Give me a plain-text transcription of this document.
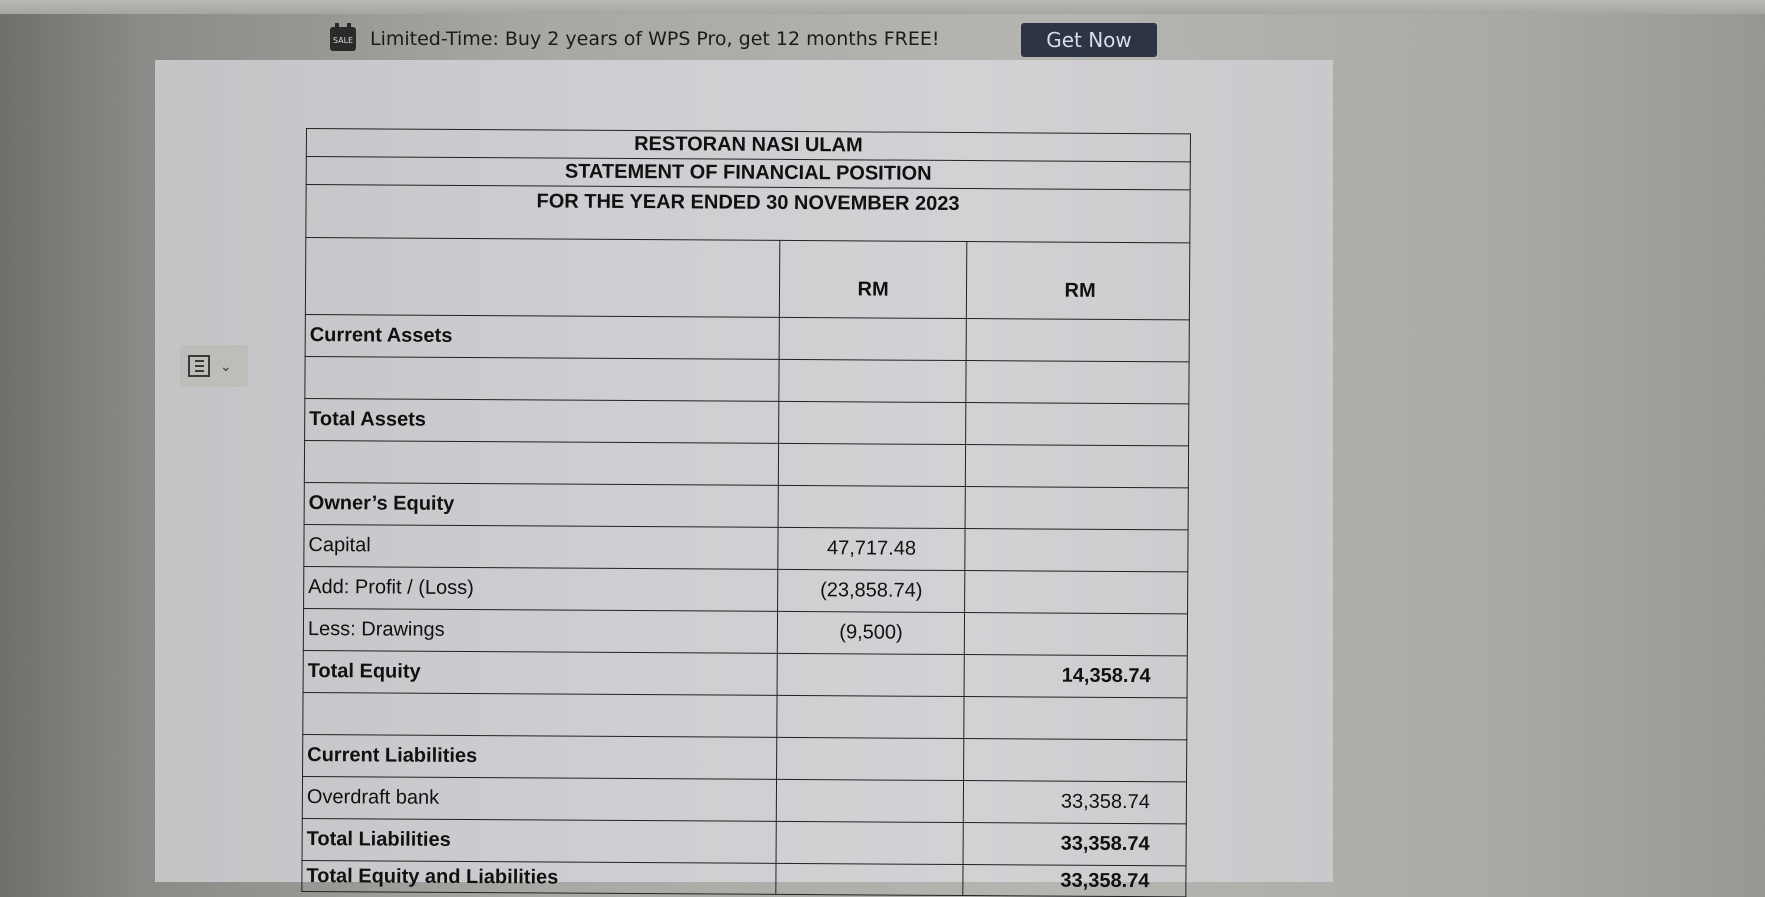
SALE Limited-Time: Buy 2 years of WPS Pro, get 12 months FREE!	Get Now
⌄
RESTORAN NASI ULAM		
STATEMENT OF FINANCIAL POSITION		
FOR THE YEAR ENDED 30 NOVEMBER 2023		
	RM	RM
Current Assets		

Total Assets		

Owner’s Equity		
Capital	47,717.48	
Add: Profit / (Loss)	(23,858.74)	
Less: Drawings	(9,500)	
Total Equity		14,358.74

Current Liabilities		
Overdraft bank		33,358.74
Total Liabilities		33,358.74
Total Equity and Liabilities		33,358.74
